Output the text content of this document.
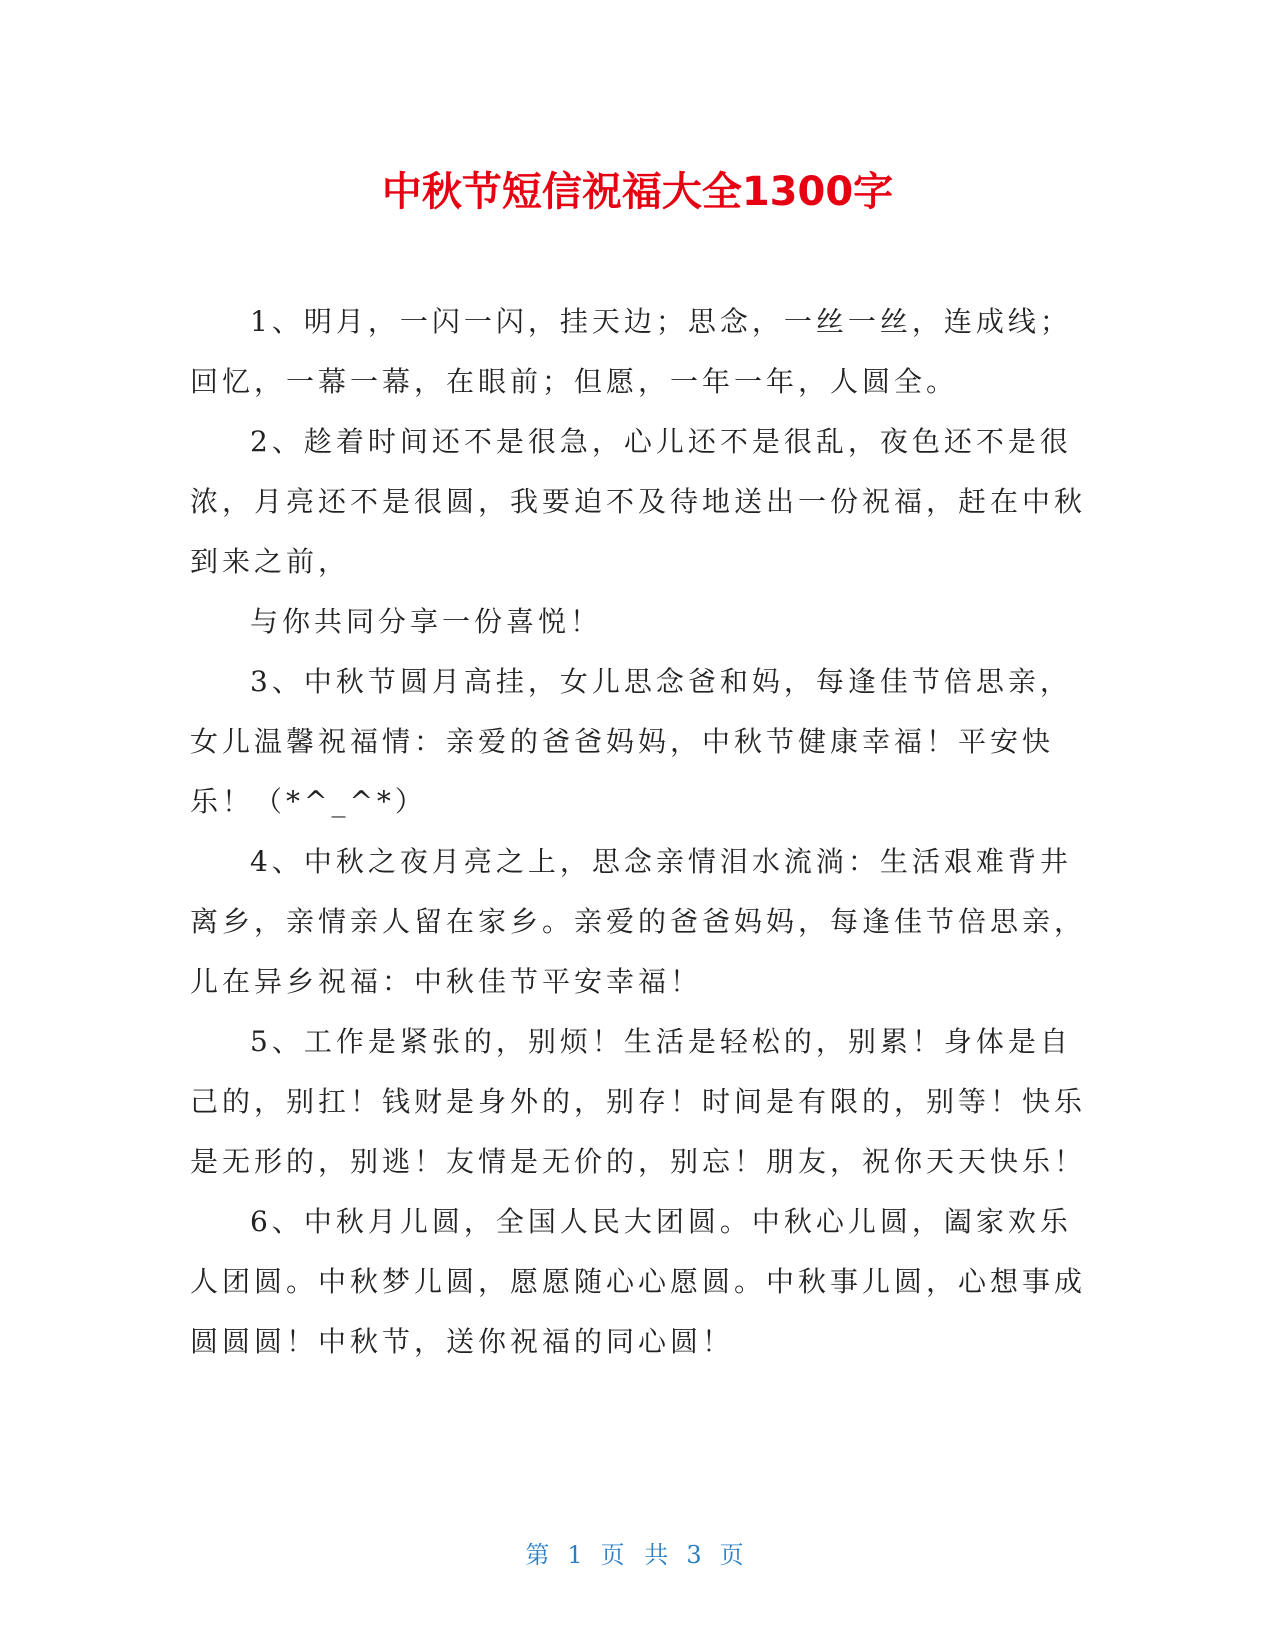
中秋节短信祝福大全1300字

1、明月，一闪一闪，挂天边；思念，一丝一丝，连成线；回忆，一幕一幕，在眼前；但愿，一年一年，人圆全。

2、趁着时间还不是很急，心儿还不是很乱，夜色还不是很浓，月亮还不是很圆，我要迫不及待地送出一份祝福，赶在中秋到来之前，

与你共同分享一份喜悦！

3、中秋节圆月高挂，女儿思念爸和妈，每逢佳节倍思亲，女儿温馨祝福情：亲爱的爸爸妈妈，中秋节健康幸福！平安快乐！（*^_^*）

4、中秋之夜月亮之上，思念亲情泪水流淌：生活艰难背井离乡，亲情亲人留在家乡。亲爱的爸爸妈妈，每逢佳节倍思亲，儿在异乡祝福：中秋佳节平安幸福！

5、工作是紧张的，别烦！生活是轻松的，别累！身体是自己的，别扛！钱财是身外的，别存！时间是有限的，别等！快乐是无形的，别逃！友情是无价的，别忘！朋友，祝你天天快乐！

6、中秋月儿圆，全国人民大团圆。中秋心儿圆，阖家欢乐人团圆。中秋梦儿圆，愿愿随心心愿圆。中秋事儿圆，心想事成圆圆圆！中秋节，送你祝福的同心圆！

第 1 页 共 3 页
